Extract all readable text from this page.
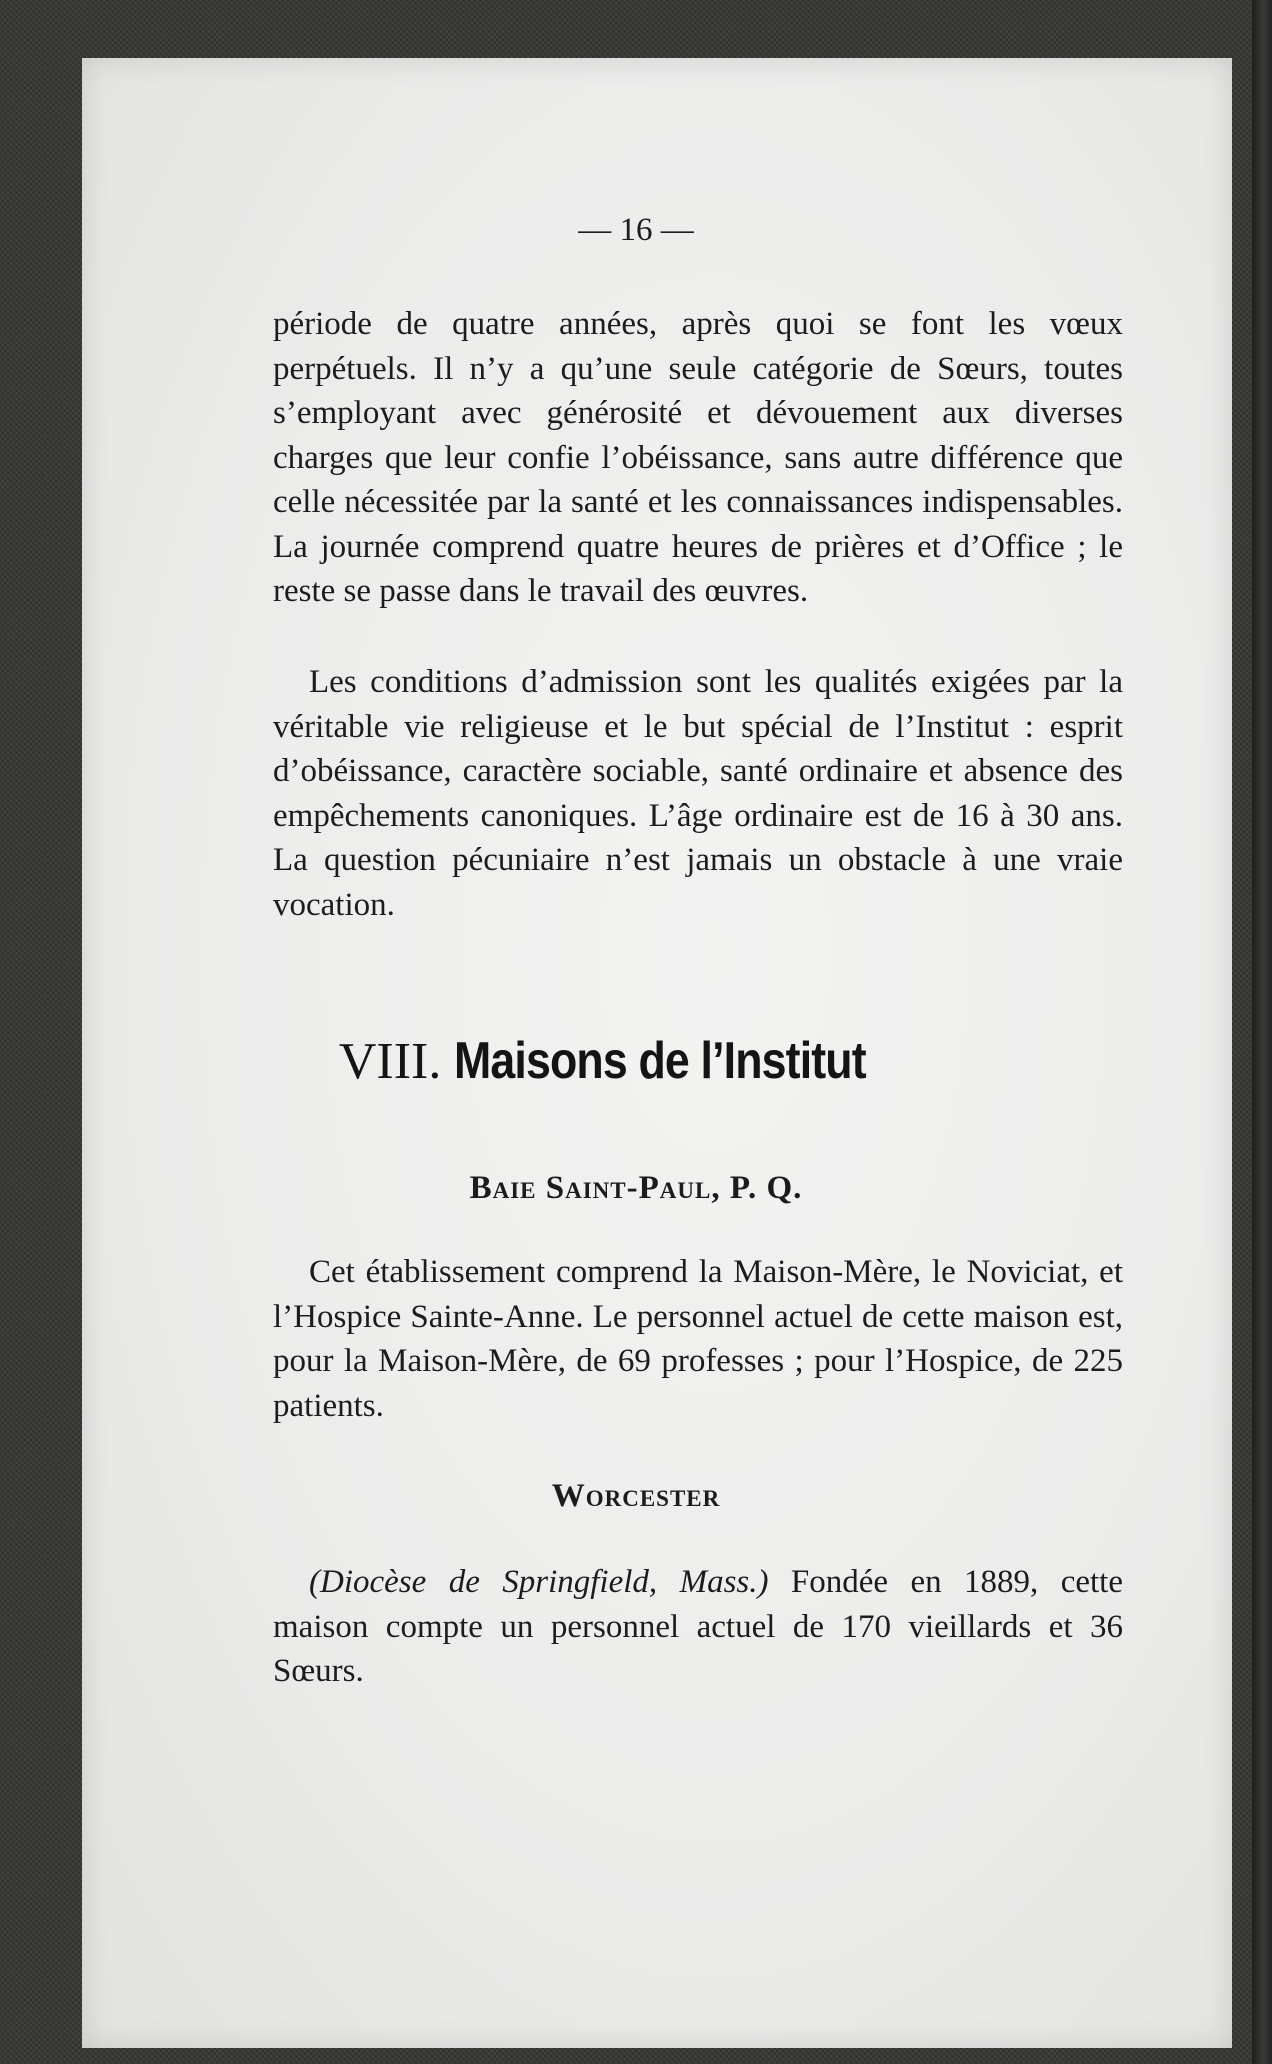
— 16 —

période de quatre années, après quoi se font les vœux perpétuels. Il n’y a qu’une seule catégorie de Sœurs, toutes s’employant avec générosité et dévouement aux diverses charges que leur confie l’obéissance, sans autre différence que celle nécessitée par la santé et les connaissances indispensables. La journée comprend quatre heures de prières et d’Office ; le reste se passe dans le travail des œuvres.

Les conditions d’admission sont les qualités exigées par la véritable vie religieuse et le but spécial de l’Institut : esprit d’obéissance, caractère sociable, santé ordinaire et absence des empêchements canoniques. L’âge ordinaire est de 16 à 30 ans. La question pécuniaire n’est jamais un obstacle à une vraie vocation.

VIII. Maisons de l’Institut
Baie Saint-Paul, P. Q.

Cet établissement comprend la Maison-Mère, le Noviciat, et l’Hospice Sainte-Anne. Le personnel actuel de cette maison est, pour la Maison-Mère, de 69 professes ; pour l’Hospice, de 225 patients.

Worcester

(Diocèse de Springfield, Mass.) Fondée en 1889, cette maison compte un personnel actuel de 170 vieillards et 36 Sœurs.
